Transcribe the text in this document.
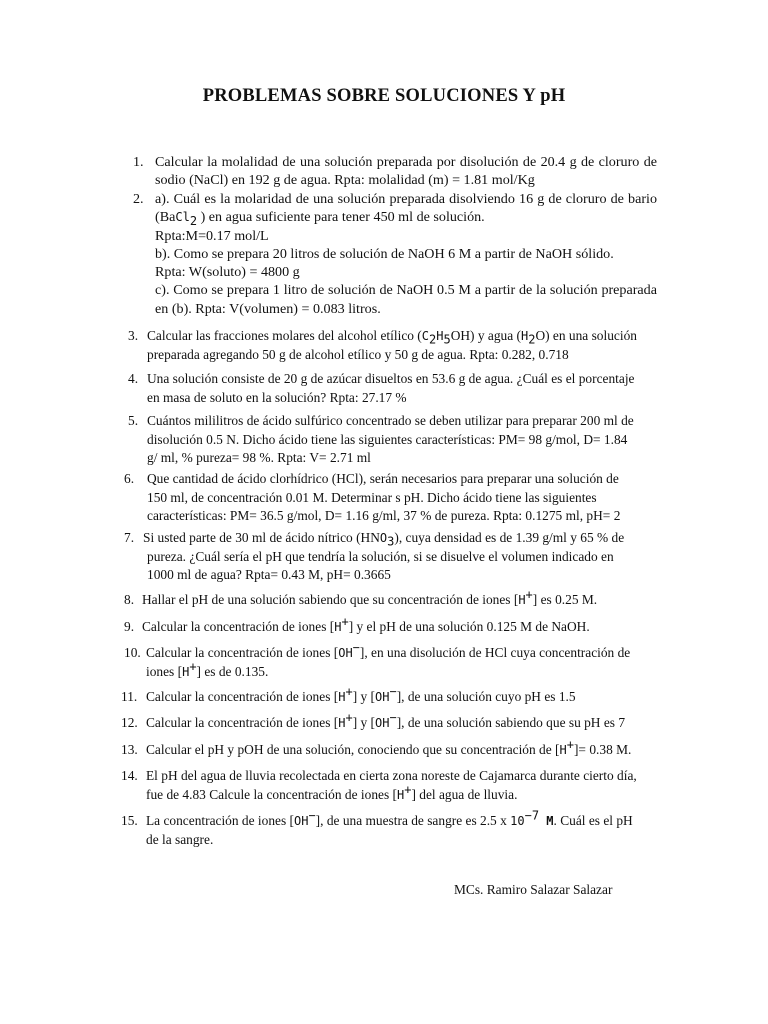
PROBLEMAS SOBRE SOLUCIONES Y pH
1. Calcular la molalidad de una solución preparada por disolución de 20.4 g de cloruro de sodio (NaCl) en 192 g de agua. Rpta: molalidad (m) = 1.81 mol/Kg
2. a). Cuál es la molaridad de una solución preparada disolviendo 16 g de cloruro de bario (BaCl$_2$ ) en agua suficiente para tener 450 ml de solución.
Rpta:M=0.17 mol/L
b). Como se prepara 20 litros de solución de NaOH 6 M a partir de NaOH sólido.
Rpta: W(soluto) = 4800 g
c). Como se prepara 1 litro de solución de NaOH 0.5 M a partir de la solución preparada en (b). Rpta: V(volumen) = 0.083 litros.
3. Calcular las fracciones molares del alcohol etílico $(C_2H_5OH)$ y agua $(H_2O)$ en una solución
preparada agregando 50 g de alcohol etílico y 50 g de agua. Rpta: 0.282, 0.718
4. Una solución consiste de 20 g de azúcar disueltos en 53.6 g de agua. ¿Cuál es el porcentaje
en masa de soluto en la solución? Rpta: 27.17 %
5. Cuántos mililitros de ácido sulfúrico concentrado se deben utilizar para preparar 200 ml de
disolución 0.5 N. Dicho ácido tiene las siguientes características: PM= 98 g/mol, D= 1.84
g/ ml, % pureza= 98 %. Rpta: V= 2.71 ml
6. Que cantidad de ácido clorhídrico (HCl), serán necesarios para preparar una solución de
150 ml, de concentración 0.01 M. Determinar s pH. Dicho ácido tiene las siguientes
características: PM= 36.5 g/mol, D= 1.16 g/ml, 37 % de pureza. Rpta: 0.1275 ml, pH= 2
7. Si usted parte de 30 ml de ácido nítrico $(HNO_3)$, cuya densidad es de 1.39 g/ml y 65 % de
pureza. ¿Cuál sería el pH que tendría la solución, si se disuelve el volumen indicado en
1000 ml de agua? Rpta= 0.43 M, pH= 0.3665
8. Hallar el pH de una solución sabiendo que su concentración de iones [H+] es 0.25 M.
9. Calcular la concentración de iones [H+] y el pH de una solución 0.125 M de NaOH.
10. Calcular la concentración de iones [OH−], en una disolución de HCl cuya concentración de
iones [H+] es de 0.135.
11. Calcular la concentración de iones [H+] y [OH−], de una solución cuyo pH es 1.5
12. Calcular la concentración de iones [H+] y [OH−], de una solución sabiendo que su pH es 7
13. Calcular el pH y pOH de una solución, conociendo que su concentración de [H+]= 0.38 M.
14. El pH del agua de lluvia recolectada en cierta zona noreste de Cajamarca durante cierto día,
fue de 4.83 Calcule la concentración de iones [H+] del agua de lluvia.
15. La concentración de iones [OH−], de una muestra de sangre es 2.5 x $10^{-7}$ M. Cuál es el pH
de la sangre.
MCs. Ramiro Salazar Salazar
